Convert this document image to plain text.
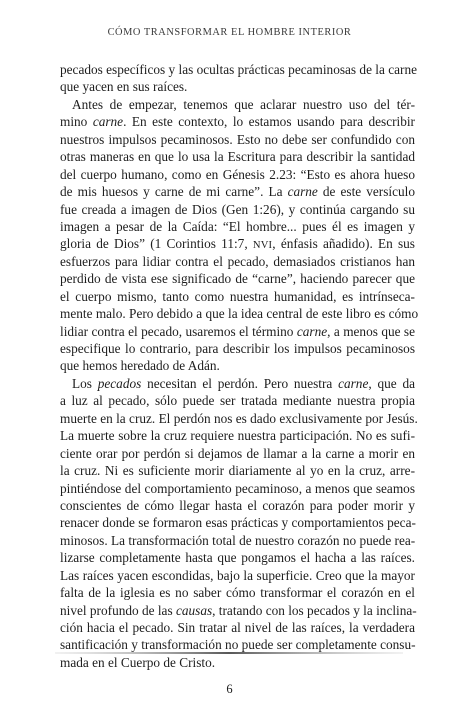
CÓMO TRANSFORMAR EL HOMBRE INTERIOR
pecados específicos y las ocultas prácticas pecaminosas de la carne
que yacen en sus raíces.
Antes de empezar, tenemos que aclarar nuestro uso del tér-
mino carne. En este contexto, lo estamos usando para describir
nuestros impulsos pecaminosos. Esto no debe ser confundido con
otras maneras en que lo usa la Escritura para describir la santidad
del cuerpo humano, como en Génesis 2.23: “Esto es ahora hueso
de mis huesos y carne de mi carne”. La carne de este versículo
fue creada a imagen de Dios (Gen 1:26), y continúa cargando su
imagen a pesar de la Caída: “El hombre... pues él es imagen y
gloria de Dios” (1 Corintios 11:7, NVI, énfasis añadido). En sus
esfuerzos para lidiar contra el pecado, demasiados cristianos han
perdido de vista ese significado de “carne”, haciendo parecer que
el cuerpo mismo, tanto como nuestra humanidad, es intrínseca-
mente malo. Pero debido a que la idea central de este libro es cómo
lidiar contra el pecado, usaremos el término carne, a menos que se
especifique lo contrario, para describir los impulsos pecaminosos
que hemos heredado de Adán.
Los pecados necesitan el perdón. Pero nuestra carne, que da
a luz al pecado, sólo puede ser tratada mediante nuestra propia
muerte en la cruz. El perdón nos es dado exclusivamente por Jesús.
La muerte sobre la cruz requiere nuestra participación. No es sufi-
ciente orar por perdón si dejamos de llamar a la carne a morir en
la cruz. Ni es suficiente morir diariamente al yo en la cruz, arre-
pintiéndose del comportamiento pecaminoso, a menos que seamos
conscientes de cómo llegar hasta el corazón para poder morir y
renacer donde se formaron esas prácticas y comportamientos peca-
minosos. La transformación total de nuestro corazón no puede rea-
lizarse completamente hasta que pongamos el hacha a las raíces.
Las raíces yacen escondidas, bajo la superficie. Creo que la mayor
falta de la iglesia es no saber cómo transformar el corazón en el
nivel profundo de las causas, tratando con los pecados y la inclina-
ción hacia el pecado. Sin tratar al nivel de las raíces, la verdadera
santificación y transformación no puede ser completamente consu-
mada en el Cuerpo de Cristo.
6
